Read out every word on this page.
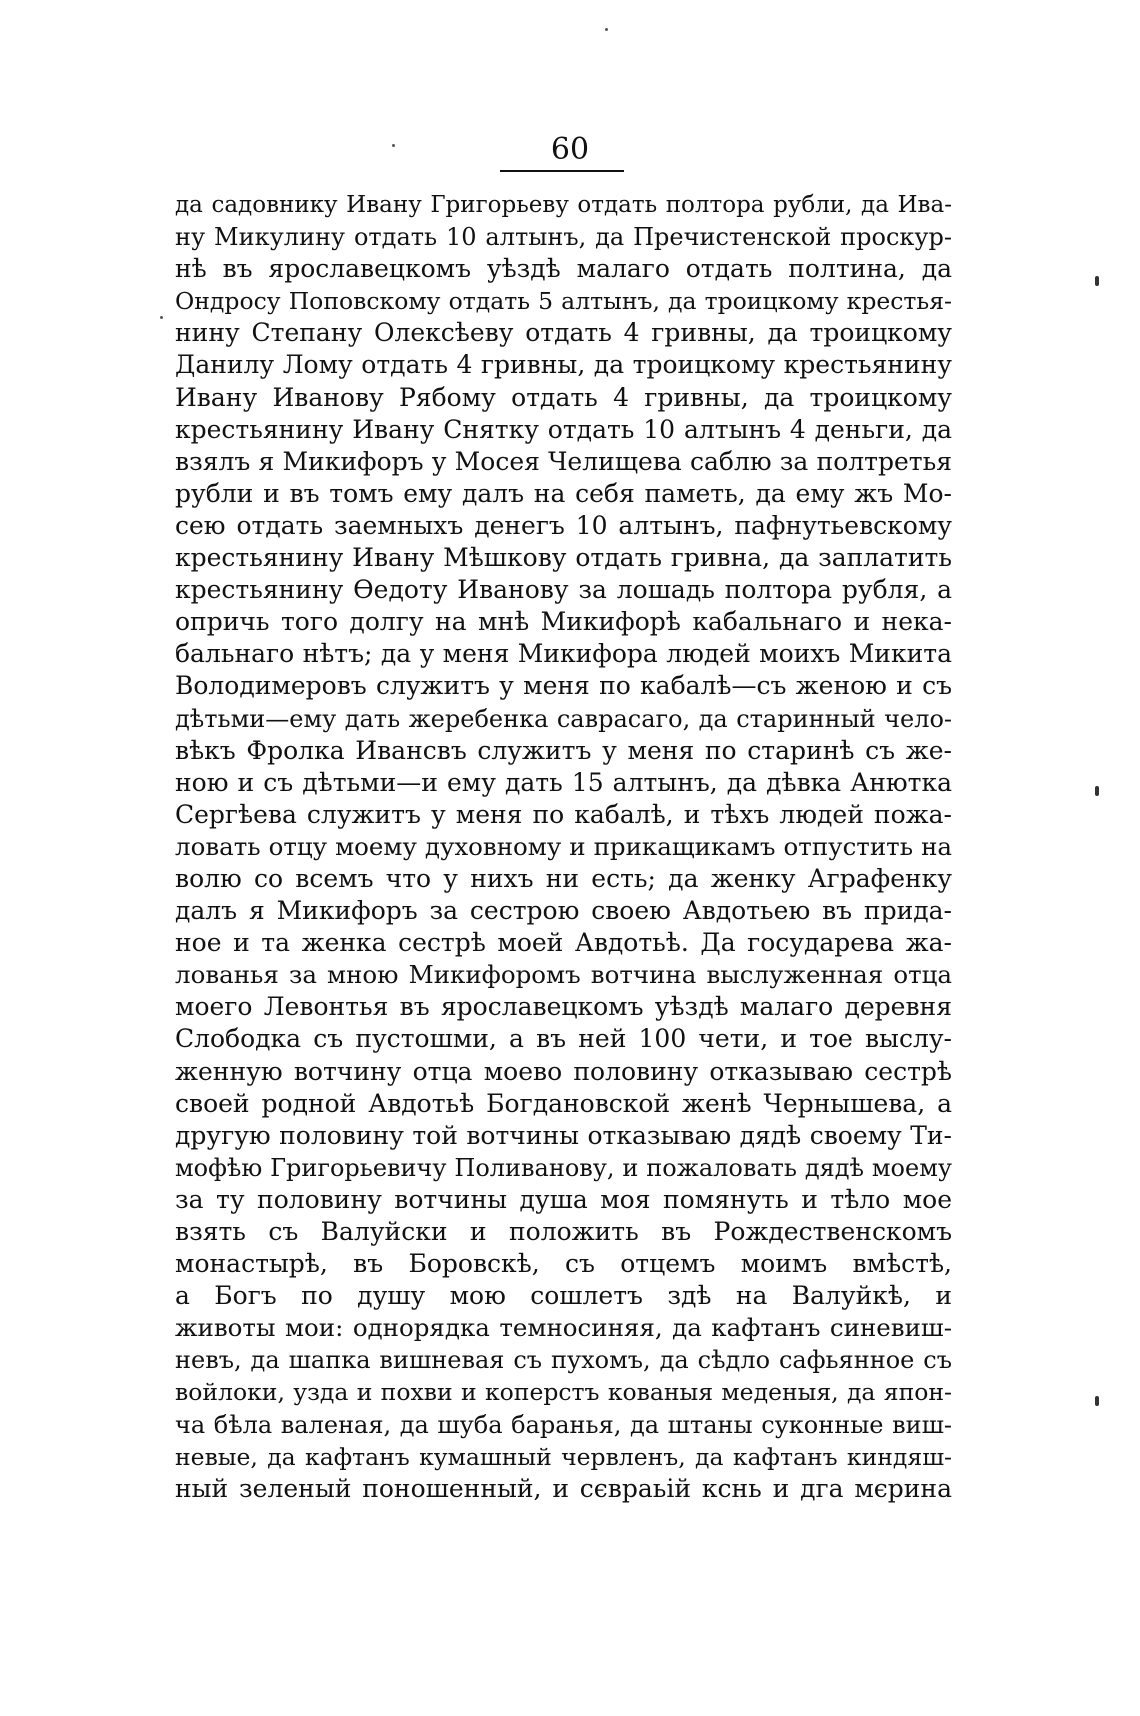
60
да садовнику Ивану Григорьеву отдать полтора рубли, да Ива-
ну Микулину отдать 10 алтынъ, да Пречистенской проскур-
нѣ въ ярославецкомъ уѣздѣ малаго отдать полтина, да
Ондросу Поповскому отдать 5 алтынъ, да троицкому крестья-
нину Степану Олексѣеву отдать 4 гривны, да троицкому
Данилу Лому отдать 4 гривны, да троицкому крестьянину
Ивану Иванову Рябому отдать 4 гривны, да троицкому
крестьянину Ивану Снятку отдать 10 алтынъ 4 деньги, да
взялъ я Микифоръ у Мосея Челищева саблю за полтретья
рубли и въ томъ ему далъ на себя паметь, да ему жъ Мо-
сею отдать заемныхъ денегъ 10 алтынъ, пафнутьевскому
крестьянину Ивану Мѣшкову отдать гривна, да заплатить
крестьянину Ѳедоту Иванову за лошадь полтора рубля, а
опричь того долгу на мнѣ Микифорѣ кабальнаго и нека-
бальнаго нѣтъ; да у меня Микифора людей моихъ Микита
Володимеровъ служитъ у меня по кабалѣ—съ женою и съ
дѣтьми—ему дать жеребенка саврасаго, да старинный чело-
вѣкъ Фролка Ивансвъ служитъ у меня по старинѣ съ же-
ною и съ дѣтьми—и ему дать 15 алтынъ, да дѣвка Анютка
Сергѣева служитъ у меня по кабалѣ, и тѣхъ людей пожа-
ловать отцу моему духовному и прикащикамъ отпустить на
волю со всемъ что у нихъ ни есть; да женку Аграфенку
далъ я Микифоръ за сестрою своею Авдотьею въ прида-
ное и та женка сестрѣ моей Авдотьѣ. Да государева жа-
лованья за мною Микифоромъ вотчина выслуженная отца
моего Левонтья въ ярославецкомъ уѣздѣ малаго деревня
Слободка съ пустошми, а въ ней 100 чети, и тое выслу-
женную вотчину отца моево половину отказываю сестрѣ
своей родной Авдотьѣ Богдановской женѣ Чернышева, а
другую половину той вотчины отказываю дядѣ своему Ти-
мофѣю Григорьевичу Поливанову, и пожаловать дядѣ моему
за ту половину вотчины душа моя помянуть и тѣло мое
взять съ Валуйски и положить въ Рождественскомъ
монастырѣ, въ Боровскѣ, съ отцемъ моимъ вмѣстѣ,
а Богъ по душу мою сошлетъ здѣ на Валуйкѣ, и
животы мои: однорядка темносиняя, да кафтанъ синевиш-
невъ, да шапка вишневая съ пухомъ, да сѣдло сафьянное съ
войлоки, узда и похви и коперстъ кованыя меденыя, да япон-
ча бѣла валеная, да шуба баранья, да штаны суконные виш-
невые, да кафтанъ кумашный червленъ, да кафтанъ киндяш-
ный зеленый поношенный, и сєвраьій кснь и дга мєрина
